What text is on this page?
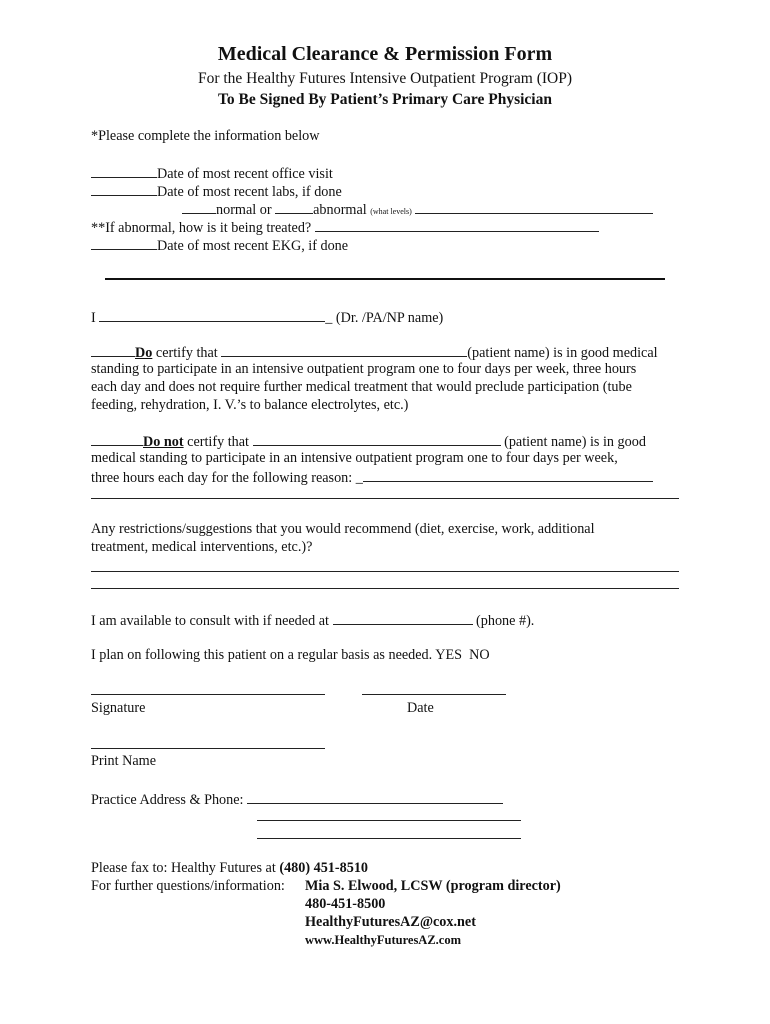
Medical Clearance & Permission Form
For the Healthy Futures Intensive Outpatient Program (IOP)
To Be Signed By Patient’s Primary Care Physician
*Please complete the information below
Date of most recent office visit
Date of most recent labs, if done
normal or	abnormal (what levels)
**If abnormal, how is it being treated?
Date of most recent EKG, if done
I	_ (Dr. /PA/NP name)
Do certify that	(patient name) is in good medical
standing to participate in an intensive outpatient program one to four days per week, three hours
each day and does not require further medical treatment that would preclude participation (tube
feeding, rehydration, I. V.’s to balance electrolytes, etc.)
Do not certify that	(patient name) is in good
medical standing to participate in an intensive outpatient program one to four days per week,
three hours each day for the following reason: _
Any restrictions/suggestions that you would recommend (diet, exercise, work, additional
treatment, medical interventions, etc.)?
I am available to consult with if needed at	(phone #).
I plan on following this patient on a regular basis as needed. YES NO
Signature	Date
Print Name
Practice Address & Phone:
Please fax to: Healthy Futures at (480) 451-8510
For further questions/information: Mia S. Elwood, LCSW (program director)
480-451-8500
HealthyFuturesAZ@cox.net
www.HealthyFuturesAZ.com
